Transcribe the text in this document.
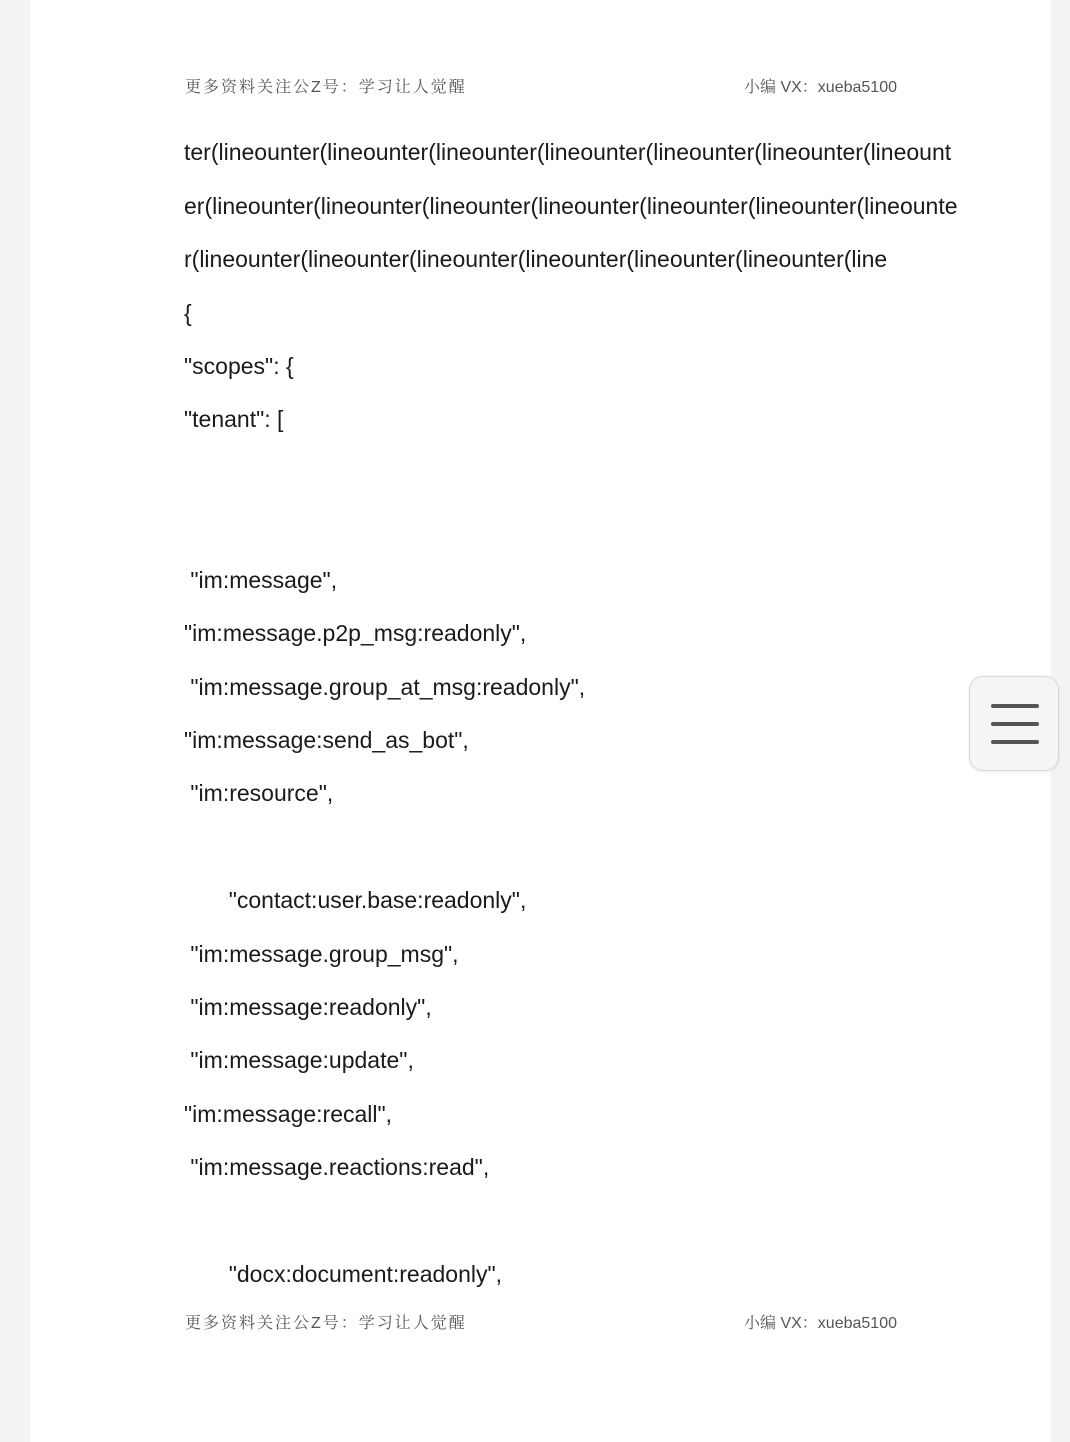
更多资料关注公Z号：学习让人觉醒	小编 VX：xueba5100
ter(lineounter(lineounter(lineounter(lineounter(lineounter(lineounter(lineount
er(lineounter(lineounter(lineounter(lineounter(lineounter(lineounter(lineounte
r(lineounter(lineounter(lineounter(lineounter(lineounter(lineounter(line
{
"scopes": {
"tenant": [
"im:message",
"im:message.p2p_msg:readonly",
"im:message.group_at_msg:readonly",
"im:message:send_as_bot",
"im:resource",
"contact:user.base:readonly",
"im:message.group_msg",
"im:message:readonly",
"im:message:update",
"im:message:recall",
"im:message.reactions:read",
"docx:document:readonly",
更多资料关注公Z号：学习让人觉醒	小编 VX：xueba5100
